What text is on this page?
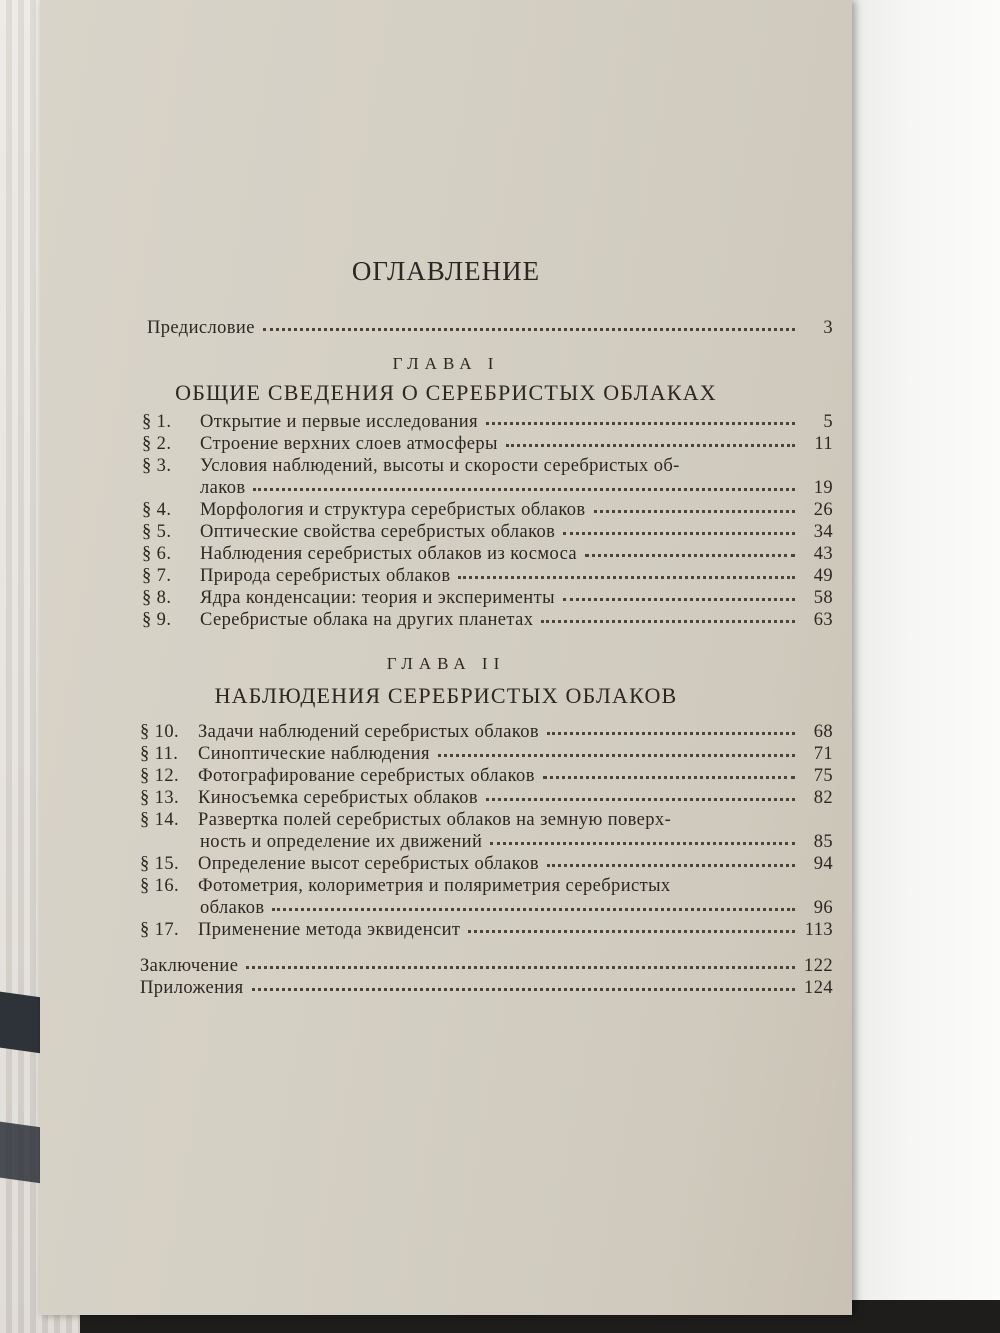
ОГЛАВЛЕНИЕ
Предисловие	3
ГЛАВА I
ОБЩИЕ СВЕДЕНИЯ О СЕРЕБРИСТЫХ ОБЛАКАХ
§ 1.	Открытие и первые исследования	5
§ 2.	Строение верхних слоев атмосферы	11
§ 3.	Условия наблюдений, высоты и скорости серебристых об-
лаков	19
§ 4.	Морфология и структура серебристых облаков	26
§ 5.	Оптические свойства серебристых облаков	34
§ 6.	Наблюдения серебристых облаков из космоса	43
§ 7.	Природа серебристых облаков	49
§ 8.	Ядра конденсации: теория и эксперименты	58
§ 9.	Серебристые облака на других планетах	63
ГЛАВА II
НАБЛЮДЕНИЯ СЕРЕБРИСТЫХ ОБЛАКОВ
§ 10.	Задачи наблюдений серебристых облаков	68
§ 11.	Синоптические наблюдения	71
§ 12.	Фотографирование серебристых облаков	75
§ 13.	Киносъемка серебристых облаков	82
§ 14.	Развертка полей серебристых облаков на земную поверх-
ность и определение их движений	85
§ 15.	Определение высот серебристых облаков	94
§ 16.	Фотометрия, колориметрия и поляриметрия серебристых
облаков	96
§ 17.	Применение метода эквиденсит	113
Заключение	122
Приложения	124
